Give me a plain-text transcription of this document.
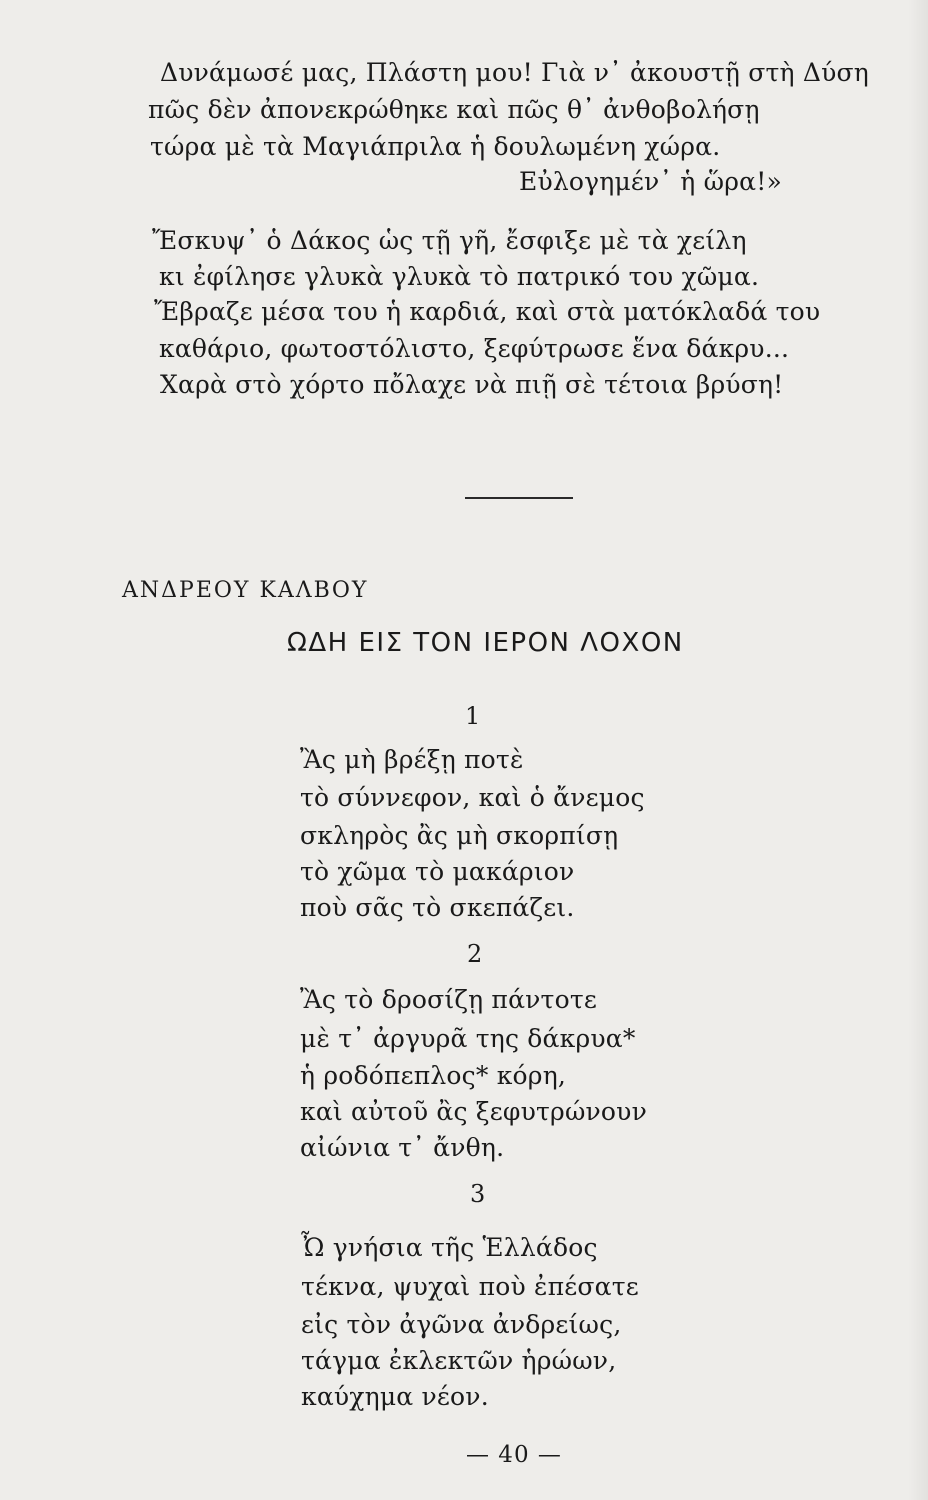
Δυνάμωσέ μας, Πλάστη μου! Γιὰ ν᾽ ἀκουστῇ στὴ Δύση
πῶς δὲν ἀπονεκρώθηκε καὶ πῶς θ᾽ ἀνθοβολήσῃ
τώρα μὲ τὰ Μαγιάπριλα ἡ δουλωμένη χώρα.
Εὐλογημέν᾽ ἡ ὥρα!»
Ἔσκυψ᾽ ὁ Δάκος ὡς τῇ γῆ, ἔσφιξε μὲ τὰ χείλη
κι ἐφίλησε γλυκὰ γλυκὰ τὸ πατρικό του χῶμα.
Ἔβραζε μέσα του ἡ καρδιά, καὶ στὰ ματόκλαδά του
καθάριο, φωτοστόλιστο, ξεφύτρωσε ἕνα δάκρυ...
Χαρὰ στὸ χόρτο πὄλαχε νὰ πιῇ σὲ τέτοια βρύση!
ΑΝΔΡΕΟΥ ΚΑΛΒΟΥ
ΩΔΗ ΕΙΣ ΤΟΝ ΙΕΡΟΝ ΛΟΧΟΝ
1
Ἂς μὴ βρέξῃ ποτὲ
τὸ σύννεφον, καὶ ὁ ἄνεμος
σκληρὸς ἂς μὴ σκορπίσῃ
τὸ χῶμα τὸ μακάριον
ποὺ σᾶς τὸ σκεπάζει.
2
Ἂς τὸ δροσίζῃ πάντοτε
μὲ τ᾽ ἀργυρᾶ της δάκρυα*
ἡ ροδόπεπλος* κόρη,
καὶ αὐτοῦ ἂς ξεφυτρώνουν
αἰώνια τ᾽ ἄνθη.
3
Ὦ γνήσια τῆς Ἑλλάδος
τέκνα, ψυχαὶ ποὺ ἐπέσατε
εἰς τὸν ἀγῶνα ἀνδρείως,
τάγμα ἐκλεκτῶν ἡρώων,
καύχημα νέον.
— 40 —
